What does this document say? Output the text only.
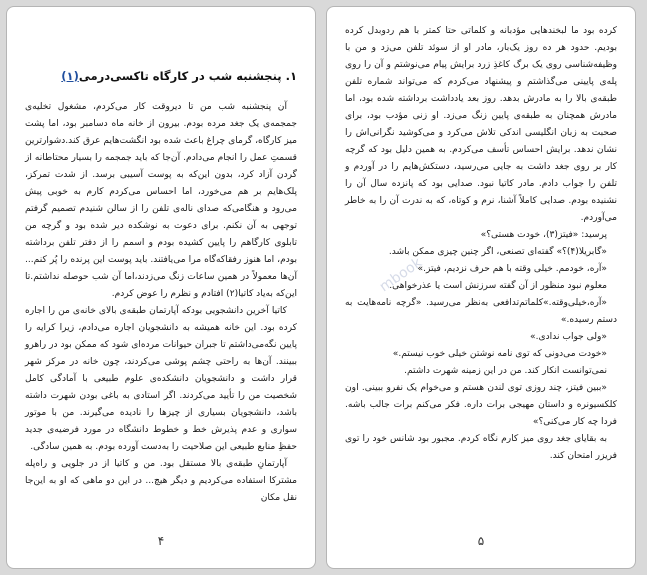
۱. پنجشنبه شب در کارگاه تاکسی‌درمی(۱)

آن پنجشنبه شب من تا دیروقت کار می‌کردم، مشغول تخلیه‌ی جمجمه‌ی یک جغد مرده بودم. بیرون از خانه ماه دسامبر بود، اما پشت میز کارگاه، گرمای چراغ باعث شده بود انگشت‌هایم عرق کند.دشوارترین قسمتِ عمل را انجام می‌دادم. آن‌جا که باید جمجمه را بسیار محتاطانه از گردن آزاد کرد، بدون این‌که به پوست آسیبی برسد. از شدت تمرکز، پلک‌هایم بر هم می‌خورد، اما احساس می‌کردم کارم به خوبی پیش می‌رود و هنگامی‌که صدای ناله‌ی تلفن را از سالن شنیدم تصمیم گرفتم توجهی به آن نکنم. برای دعوت به نوشکده دیر شده بود و گرچه من تابلوی کارگاهم را پایین کشیده بودم و اسمم را از دفتر تلفن برداشته بودم، اما هنوز رفقاکه‌گاه مرا می‌یافتند. باید پوست این پرنده را پُر کنم... آن‌ها معمولاً در همین ساعات زنگ می‌زدند،اما آن شب حوصله نداشتم.تا این‌که به‌یاد کاتیا(۲) افتادم و نظرم را عوض کردم.

کاتیا آخرین دانشجویی بودکه آپارتمان طبقه‌ی بالای خانه‌ی من را اجاره کرده بود. این خانه همیشه به دانشجویان اجاره می‌دادم، زیرا کرایه را پایین نگه‌می‌داشتم تا جبران حیوانات مرده‌ای شود که ممکن بود در راهرو ببینند. آن‌ها به راحتی چشم پوشی می‌کردند، چون خانه در مرکز شهر قرار داشت و دانشجویان دانشکده‌ی علوم طبیعی با آمادگی کامل شخصیت من را تأیید می‌کردند. اگر استادی به باغی بودن شهرت داشته باشد، دانشجویان بسیاری از چیزها را نادیده می‌گیرند. من با موتور سواری و عدم پذیرش خط و خطوط دانشگاه در مورد فرضیه‌ی جدید حفظِ منابع طبیعی این صلاحیت را به‌دست آورده بودم. به همین سادگی.

آپارتمانِ طبقه‌ی بالا مستقل بود. من و کاتیا از در جلویی و راه‌پله مشترکا استفاده می‌کردیم و دیگر هیچ... در این دو ماهی که او به این‌جا نقل مکان

۴
mbook

کرده بود ما لبخندهایی مؤدبانه و کلماتی حتا کمتر با هم ردوبدل کرده بودیم. حدود هر ده روز یک‌بار، مادر او از سوئد تلفن می‌زد و من با وظیفه‌شناسی روی یک برگ کاغذِ زرد برایش پیام می‌نوشتم و آن را روی پله‌ی پایینی می‌گذاشتم و پیشنهاد می‌کردم که می‌تواند شماره تلفن طبقه‌ی بالا را به مادرش بدهد. روز بعد یادداشت برداشته شده بود، اما مادرش همچنان به طبقه‌ی پایین زنگ می‌زد. او زنی مؤدب بود، برای صحبت به زبان انگلیسی اندکی تلاش می‌کرد و می‌کوشید نگرانی‌اش را نشان ندهد. برایش احساس تأسف می‌کردم. به همین دلیل بود که گرچه کار بر روی جغد داشت به جایی می‌رسید، دستکش‌هایم را در آوردم و تلفن را جواب دادم. مادر کاتیا نبود. صدایی بود که پانزده سال آن را نشنیده بودم. صدایی کاملاً آشنا، نرم و کوتاه، که به ندرت آن را به خاطر می‌آوردم.

پرسید: «فیتز(۳)، خودت هستی؟»

«گابریلا(۴)؟» گفته‌ای تصنعی، اگر چنین چیزی ممکن باشد.

«آره، خودمم. خیلی وقته با هم حرف نزدیم، فیتز.»

معلوم نبود منظور از آن گفته سرزنش است یا عذرخواهی.

«آره،خیلی‌وقته.»کلماتم‌تدافعی به‌نظر می‌رسید. «گرچه نامه‌هایت به دستم رسیده.»

«ولی جواب ندادی.»

«خودت می‌دونی که توی نامه نوشتن خیلی خوب نیستم.»

نمی‌توانست انکار کند. من در این زمینه شهرت داشتم.

«ببین فیتز، چند روزی توی لندن هستم و می‌خوام یک نفرو ببینی. اون کلکسیونره و داستان مهیجی برات داره. فکر می‌کنم برات جالب باشه. فردا چه کار می‌کنی؟»

به بقایای جغد روی میز کارم نگاه کردم. مجبور بود شانس خود را توی فریزر امتحان کند.

۵
